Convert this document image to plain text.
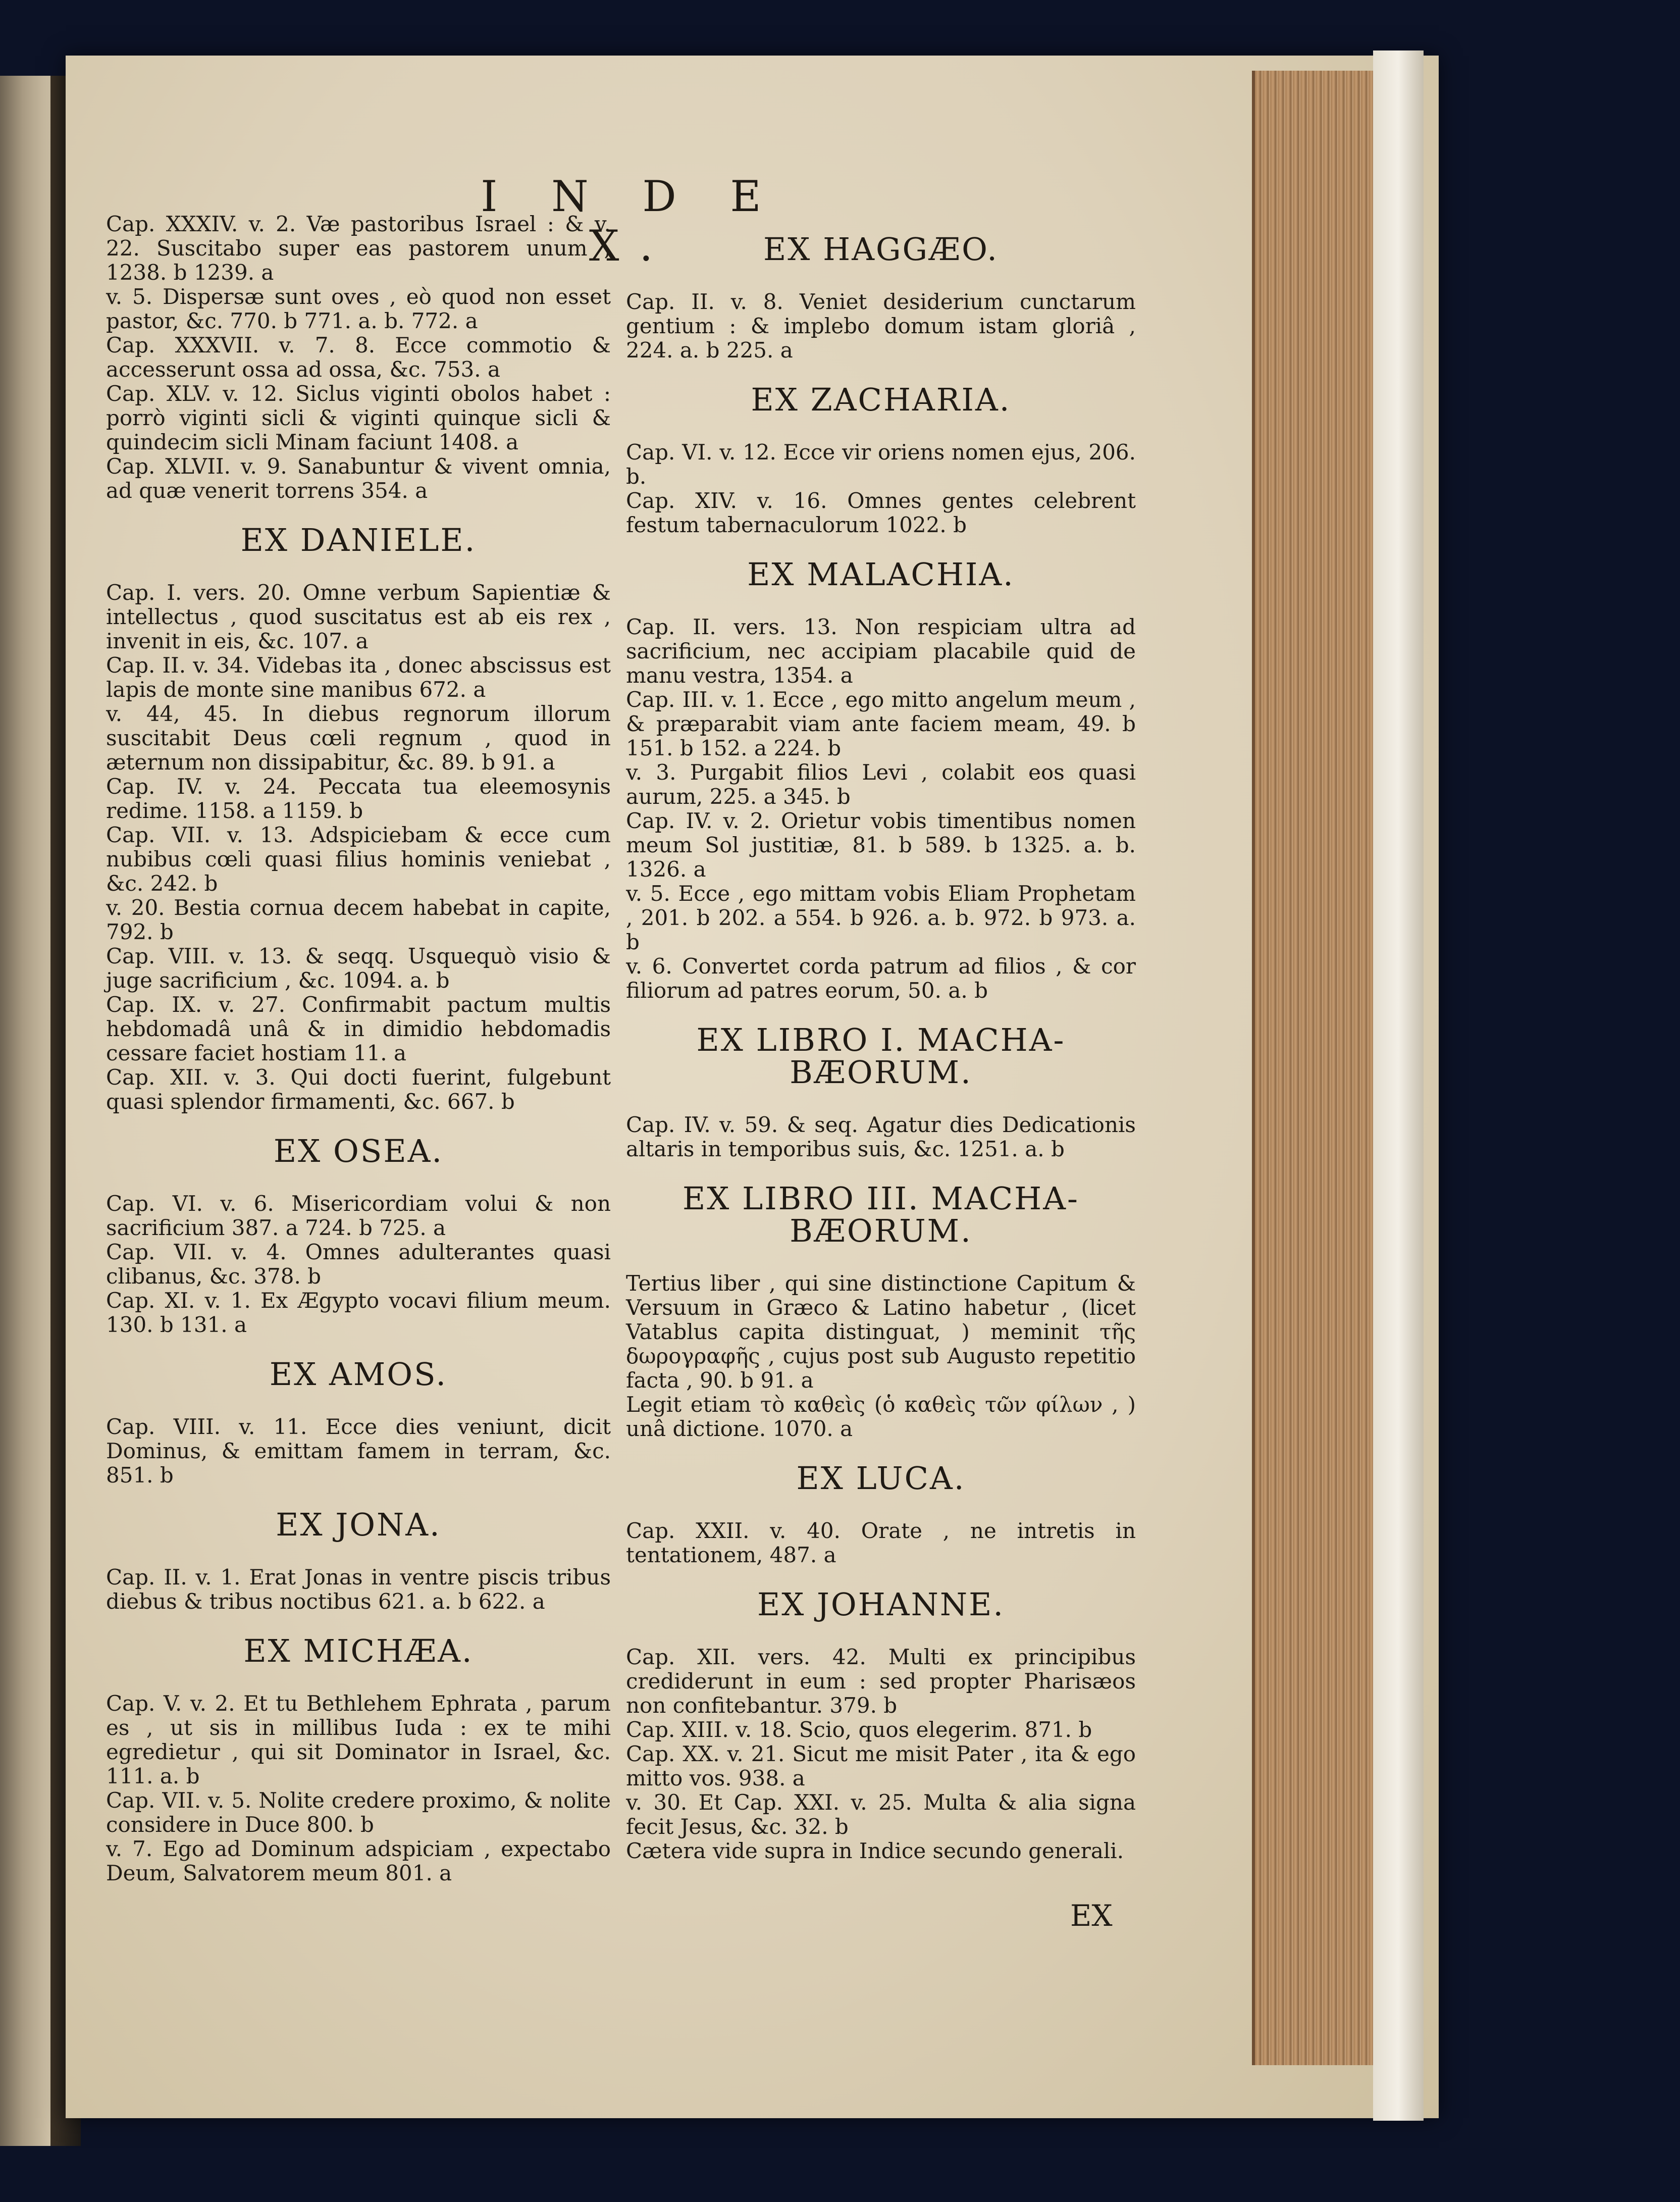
I N D E X.

Cap. XXXIV. v. 2. Væ pastoribus Israel : & v. 22. Suscitabo super eas pastorem unum , 1238. b 1239. a

v. 5. Dispersæ sunt oves , eò quod non esset pastor, &c. 770. b 771. a. b. 772. a

Cap. XXXVII. v. 7. 8. Ecce commotio & accesserunt ossa ad ossa, &c. 753. a

Cap. XLV. v. 12. Siclus viginti obolos habet : porrò viginti sicli & viginti quinque sicli & quindecim sicli Minam faciunt 1408. a

Cap. XLVII. v. 9. Sanabuntur & vivent omnia, ad quæ venerit torrens 354. a

EX DANIELE.

Cap. I. vers. 20. Omne verbum Sapientiæ & intellectus , quod suscitatus est ab eis rex , invenit in eis, &c. 107. a

Cap. II. v. 34. Videbas ita , donec abscissus est lapis de monte sine manibus 672. a

v. 44, 45. In diebus regnorum illorum suscitabit Deus cœli regnum , quod in æternum non dissipabitur, &c. 89. b 91. a

Cap. IV. v. 24. Peccata tua eleemosynis redime. 1158. a 1159. b

Cap. VII. v. 13. Adspiciebam & ecce cum nubibus cœli quasi filius hominis veniebat , &c. 242. b

v. 20. Bestia cornua decem habebat in capite, 792. b

Cap. VIII. v. 13. & seqq. Usquequò visio & juge sacrificium , &c. 1094. a. b

Cap. IX. v. 27. Confirmabit pactum multis hebdomadâ unâ & in dimidio hebdomadis cessare faciet hostiam 11. a

Cap. XII. v. 3. Qui docti fuerint, fulgebunt quasi splendor firmamenti, &c. 667. b

EX OSEA.

Cap. VI. v. 6. Misericordiam volui & non sacrificium 387. a 724. b 725. a

Cap. VII. v. 4. Omnes adulterantes quasi clibanus, &c. 378. b

Cap. XI. v. 1. Ex Ægypto vocavi filium meum. 130. b 131. a

EX AMOS.

Cap. VIII. v. 11. Ecce dies veniunt, dicit Dominus, & emittam famem in terram, &c. 851. b

EX JONA.

Cap. II. v. 1. Erat Jonas in ventre piscis tribus diebus & tribus noctibus 621. a. b 622. a

EX MICHÆA.

Cap. V. v. 2. Et tu Bethlehem Ephrata , parum es , ut sis in millibus Iuda : ex te mihi egredietur , qui sit Dominator in Israel, &c. 111. a. b

Cap. VII. v. 5. Nolite credere proximo, & nolite considere in Duce 800. b

v. 7. Ego ad Dominum adspiciam , expectabo Deum, Salvatorem meum 801. a

EX HAGGÆO.

Cap. II. v. 8. Veniet desiderium cunctarum gentium : & implebo domum istam gloriâ , 224. a. b 225. a

EX ZACHARIA.

Cap. VI. v. 12. Ecce vir oriens nomen ejus, 206. b.

Cap. XIV. v. 16. Omnes gentes celebrent festum tabernaculorum 1022. b

EX MALACHIA.

Cap. II. vers. 13. Non respiciam ultra ad sacrificium, nec accipiam placabile quid de manu vestra, 1354. a

Cap. III. v. 1. Ecce , ego mitto angelum meum , & præparabit viam ante faciem meam, 49. b 151. b 152. a 224. b

v. 3. Purgabit filios Levi , colabit eos quasi aurum, 225. a 345. b

Cap. IV. v. 2. Orietur vobis timentibus nomen meum Sol justitiæ, 81. b 589. b 1325. a. b. 1326. a

v. 5. Ecce , ego mittam vobis Eliam Prophetam , 201. b 202. a 554. b 926. a. b. 972. b 973. a. b

v. 6. Convertet corda patrum ad filios , & cor filiorum ad patres eorum, 50. a. b

EX LIBRO I. MACHA-BÆORUM.

Cap. IV. v. 59. & seq. Agatur dies Dedicationis altaris in temporibus suis, &c. 1251. a. b

EX LIBRO III. MACHA-BÆORUM.

Tertius liber , qui sine distinctione Capitum & Versuum in Græco & Latino habetur , (licet Vatablus capita distinguat, ) meminit τῆς δωρογραφῆς , cujus post sub Augusto repetitio facta , 90. b 91. a

Legit etiam τὸ καθεὶς (ὁ καθεὶς τῶν φίλων , ) unâ dictione. 1070. a

EX LUCA.

Cap. XXII. v. 40. Orate , ne intretis in tentationem, 487. a

EX JOHANNE.

Cap. XII. vers. 42. Multi ex principibus crediderunt in eum : sed propter Pharisæos non confitebantur. 379. b

Cap. XIII. v. 18. Scio, quos elegerim. 871. b

Cap. XX. v. 21. Sicut me misit Pater , ita & ego mitto vos. 938. a

v. 30. Et Cap. XXI. v. 25. Multa & alia signa fecit Jesus, &c. 32. b

Cætera vide supra in Indice secundo generali.

EX
